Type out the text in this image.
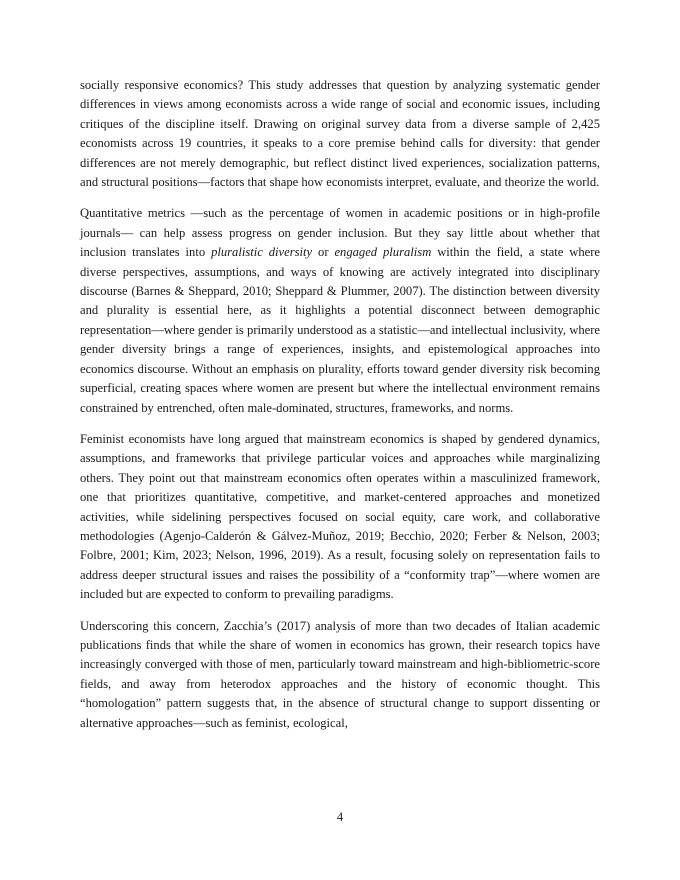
socially responsive economics? This study addresses that question by analyzing systematic gender differences in views among economists across a wide range of social and economic issues, including critiques of the discipline itself. Drawing on original survey data from a diverse sample of 2,425 economists across 19 countries, it speaks to a core premise behind calls for diversity: that gender differences are not merely demographic, but reflect distinct lived experiences, socialization patterns, and structural positions—factors that shape how economists interpret, evaluate, and theorize the world.

Quantitative metrics —such as the percentage of women in academic positions or in high-profile journals— can help assess progress on gender inclusion. But they say little about whether that inclusion translates into pluralistic diversity or engaged pluralism within the field, a state where diverse perspectives, assumptions, and ways of knowing are actively integrated into disciplinary discourse (Barnes & Sheppard, 2010; Sheppard & Plummer, 2007). The distinction between diversity and plurality is essential here, as it highlights a potential disconnect between demographic representation—where gender is primarily understood as a statistic—and intellectual inclusivity, where gender diversity brings a range of experiences, insights, and epistemological approaches into economics discourse. Without an emphasis on plurality, efforts toward gender diversity risk becoming superficial, creating spaces where women are present but where the intellectual environment remains constrained by entrenched, often male-dominated, structures, frameworks, and norms.

Feminist economists have long argued that mainstream economics is shaped by gendered dynamics, assumptions, and frameworks that privilege particular voices and approaches while marginalizing others. They point out that mainstream economics often operates within a masculinized framework, one that prioritizes quantitative, competitive, and market-centered approaches and monetized activities, while sidelining perspectives focused on social equity, care work, and collaborative methodologies (Agenjo-Calderón & Gálvez-Muñoz, 2019; Becchio, 2020; Ferber & Nelson, 2003; Folbre, 2001; Kim, 2023; Nelson, 1996, 2019). As a result, focusing solely on representation fails to address deeper structural issues and raises the possibility of a “conformity trap”—where women are included but are expected to conform to prevailing paradigms.

Underscoring this concern, Zacchia’s (2017) analysis of more than two decades of Italian academic publications finds that while the share of women in economics has grown, their research topics have increasingly converged with those of men, particularly toward mainstream and high-bibliometric-score fields, and away from heterodox approaches and the history of economic thought. This “homologation” pattern suggests that, in the absence of structural change to support dissenting or alternative approaches—such as feminist, ecological,

4
